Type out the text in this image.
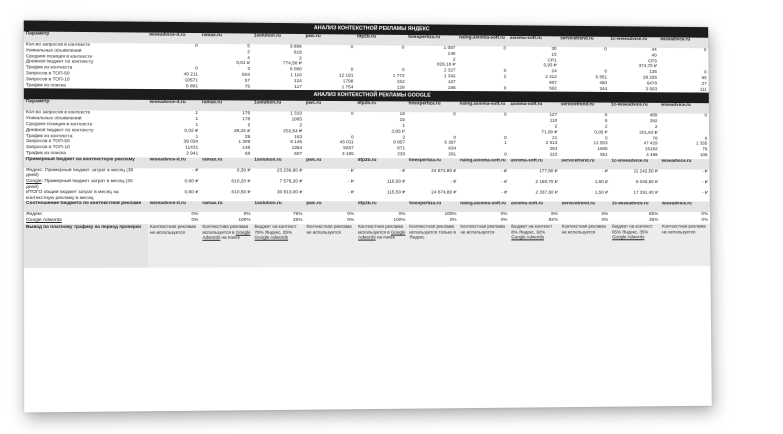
АНАЛИЗ КОНТЕКСТНОЙ РЕКЛАМЫ ЯНДЕКС											
Параметр	wiseadvice-it.ru	ramax.ru	1solution.ru	pwc.ru	itfp2b.ru	finexpertiza.ru	nalog.axioma-soft.ru	axioma-soft.ru	servicetrend.ru	1c-wiseadvice.ru	wiseadvice.ru
Кол-во запросов в контексте	0	5	3 899	0	0	1 087	0	30	0	44	0
Уникальных объявлений		2	818			146		15		40	
Средняя позиция в контексте		4	2			2		СР1		СР3	
Дневной бюджет по контексту		0,01 ₽	774,58 ₽			829,18 ₽		5,93 ₽		374,75 ₽	
Трафик из контекста	0	3	6 060	0	0	2 327	0	24	0	135	0
Запросов в ТОП-50	40 211	504	1 110	12 191	1 772	1 342	2	2 412	5 851	28 255	95
Запросов в ТОП-10	10571	57	124	1798	152	167		667	480	6478	27
Трафик из поиска	5 891	75	117	1 754	128	166	0	592	344	3 563	111
АНАЛИЗ КОНТЕКСТНОЙ РЕКЛАМЫ GOOGLE											
Параметр	wiseadvice-it.ru	ramax.ru	1solution.ru	pwc.ru	itfp2b.ru	finexpertiza.ru	nalog.axioma-soft.ru	axioma-soft.ru	servicetrend.ru	1c-wiseadvice.ru	wiseadvice.ru
Кол-во запросов в контексте	1	176	1 310	0	18	0	0	127	6	489	0
Уникальных объявлений	1	176	1065		15			118	6	392	
Средняя позиция в контексте	1	2	2		1			2	2	2	
Дневной бюджет по контексту	0,02 ₽	28,34 ₽	252,54 ₽		3,85 ₽			71,99 ₽	0,05 ₽	201,63 ₽	
Трафик из контекста	1	29	163	0	2	0	0	21	0	76	0
Запросов в ТОП-50	39 034	1 309	8 146	43 011	9 857	5 367	1	2 913	12 553	47 429	1 335
Запросов в ТОП-10	11431	148	1364	9267	671	634		254	1605	15192	78
Трафик из поиска	2 941	68	607	3 195	233	261	0	223	551	4 486	109
Примерный бюджет на контекстную рекламу	wiseadvice-it.ru	ramax.ru	1solution.ru	pwc.ru	itfp2b.ru	finexpertiza.ru	nalog.axioma-soft.ru	axioma-soft.ru	servicetrend.ru	1c-wiseadvice.ru	wiseadvice.ru
Яндекс: Примерный бюджет затрат в месяц (30 дней)	- ₽	0,30 ₽	23 236,80 ₽	- ₽	- ₽	24 874,80 ₽	- ₽	177,80 ₽	- ₽	11 242,50 ₽	- ₽
Google: Примерный бюджет затрат в месяц (30 дней)	0,60 ₽	610,20 ₽	7 576,20 ₽	- ₽	115,50 ₽	- ₽	- ₽	2 159,70 ₽	1,50 ₽	6 048,90 ₽	- ₽
ИТОГО общий бюджет затрат в месяц на контекстную рекламу в месяц	0,60 ₽	610,50 ₽	30 813,00 ₽	- ₽	115,50 ₽	24 874,80 ₽	- ₽	2 337,60 ₽	1,50 ₽	17 291,40 ₽	- ₽
Соотношение бюджета по контекстной рекламе	wiseadvice-it.ru	ramax.ru	1solution.ru	pwc.ru	itfp2b.ru	finexpertiza.ru	nalog.axioma-soft.ru	axioma-soft.ru	servicetrend.ru	1c-wiseadvice.ru	wiseadvice.ru
Яндекс	0%	0%	75%	0%	0%	100%	0%	8%	0%	65%	0%
Google Adwords	0%	100%	25%	0%	100%	0%	0%	92%	0%	35%	0%
Вывод по платному трафику на период проверки	Контекстная реклама не используется	Контекстная реклама используется в Google Adwords на поиск	Бюджет на контекст 75% Яндекс, 25% Google Adwords	Контекстная реклама не используется	Контекстная реклама используется в Google Adwords на поиск	Контекстная реклама используется только в Яндекс	Контекстная реклама не используется	Бюджет на контекст 8% Яндекс, 92% Google Adwords	Контекстная реклама не используется	Бюджет на контекст 65% Яндекс, 35% Google Adwords	Контекстная реклама не используется
